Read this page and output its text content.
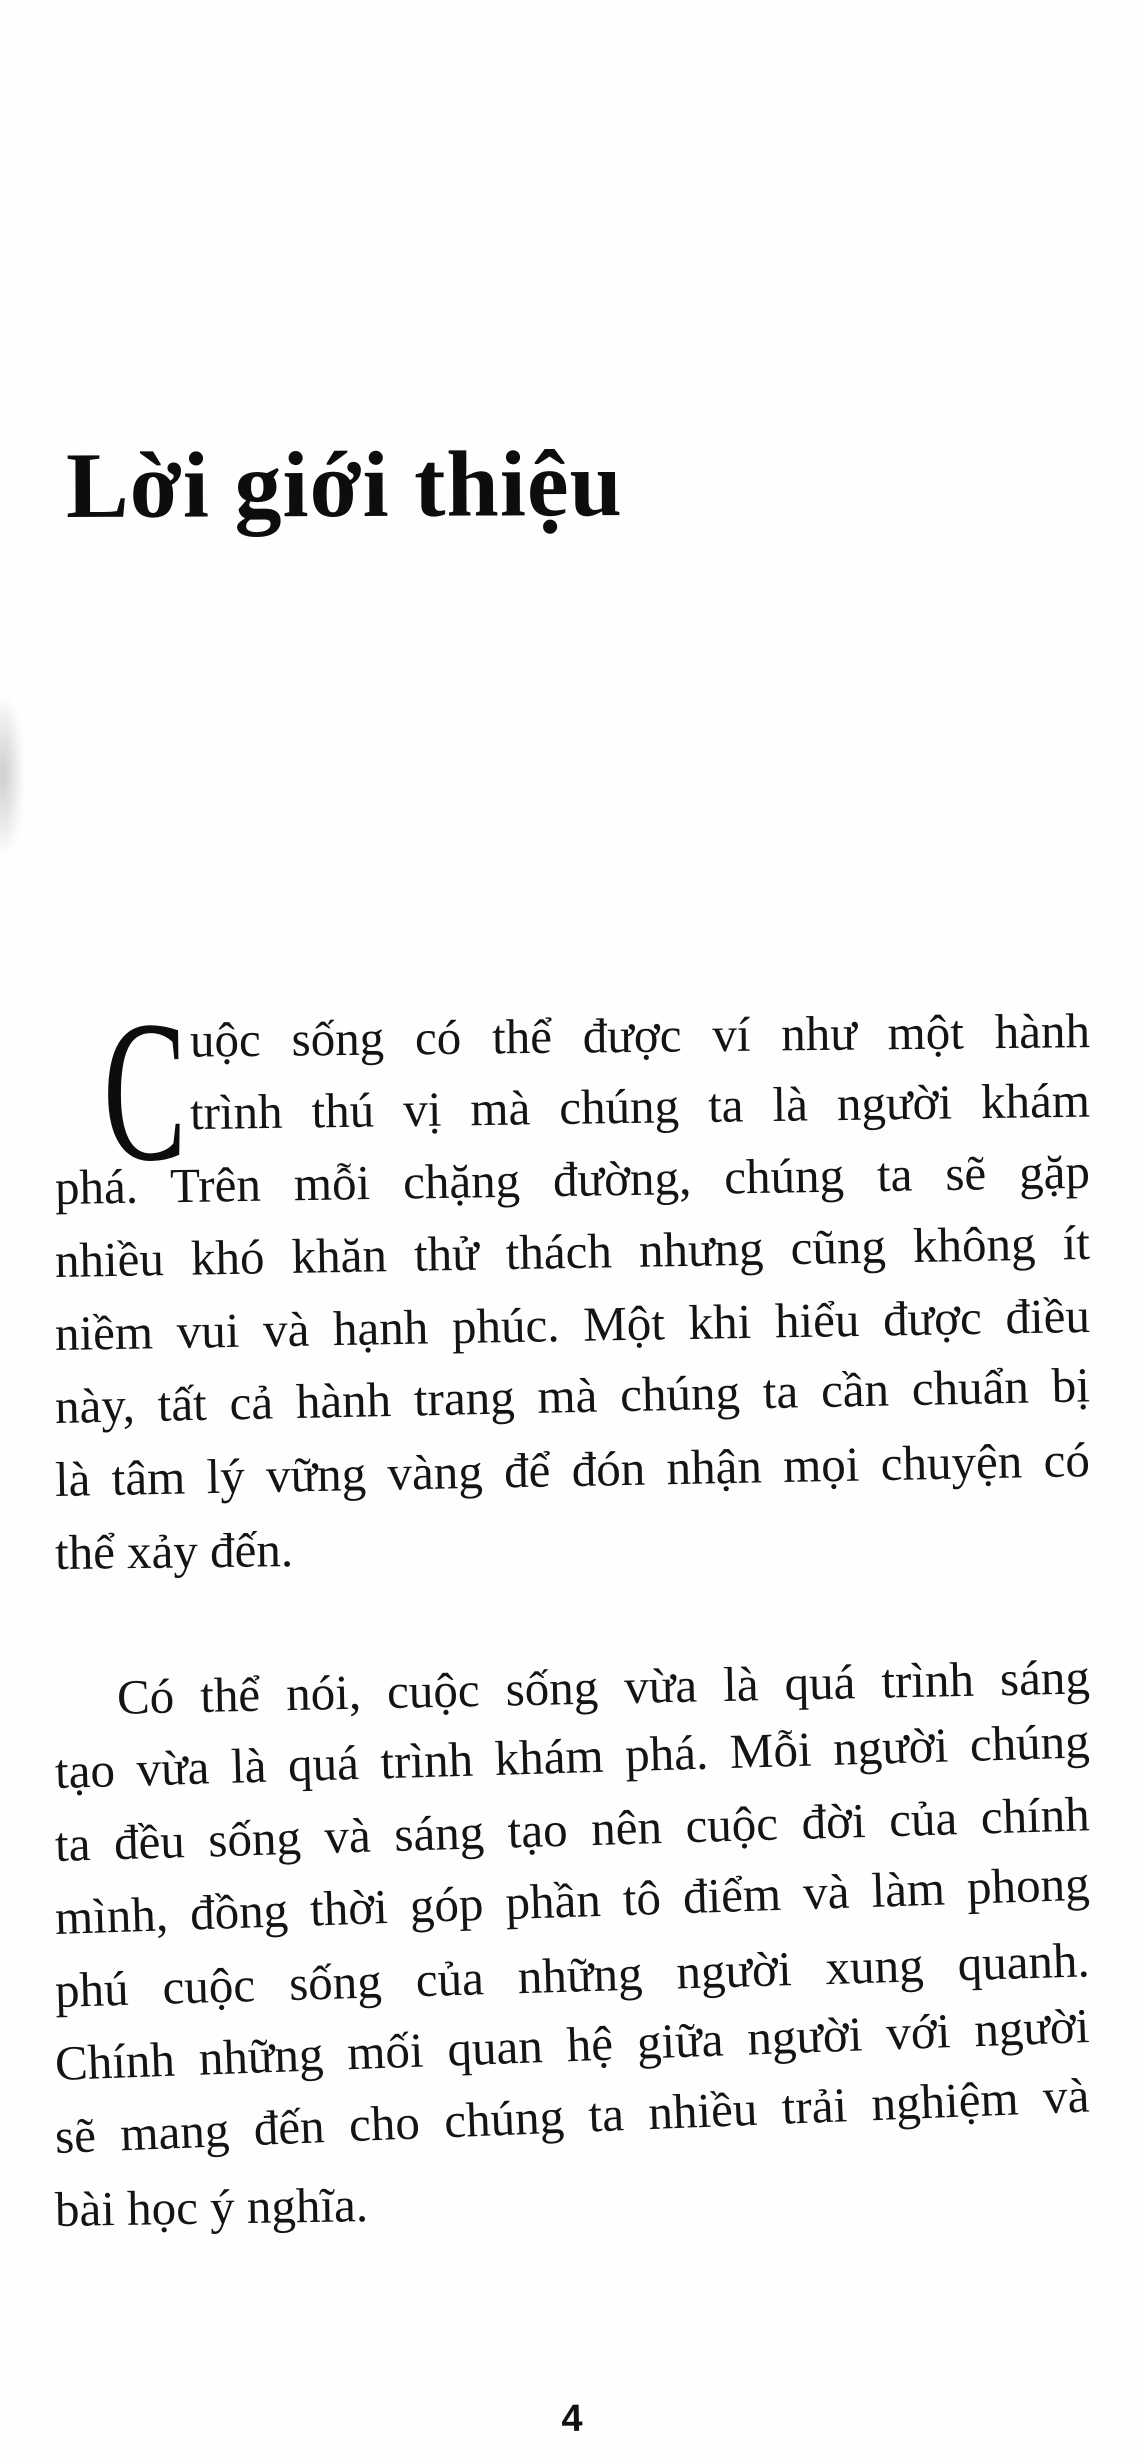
Lời giới thiệu
C uộc sống có thể được ví như một hành
trình thú vị mà chúng ta là người khám
phá. Trên mỗi chặng đường, chúng ta sẽ gặp
nhiều khó khăn thử thách nhưng cũng không ít
niềm vui và hạnh phúc. Một khi hiểu được điều
này, tất cả hành trang mà chúng ta cần chuẩn bị
là tâm lý vững vàng để đón nhận mọi chuyện có
thể xảy đến.
Có thể nói, cuộc sống vừa là quá trình sáng
tạo vừa là quá trình khám phá. Mỗi người chúng
ta đều sống và sáng tạo nên cuộc đời của chính
mình, đồng thời góp phần tô điểm và làm phong
phú cuộc sống của những người xung quanh.
Chính những mối quan hệ giữa người với người
sẽ mang đến cho chúng ta nhiều trải nghiệm và
bài học ý nghĩa.
4
